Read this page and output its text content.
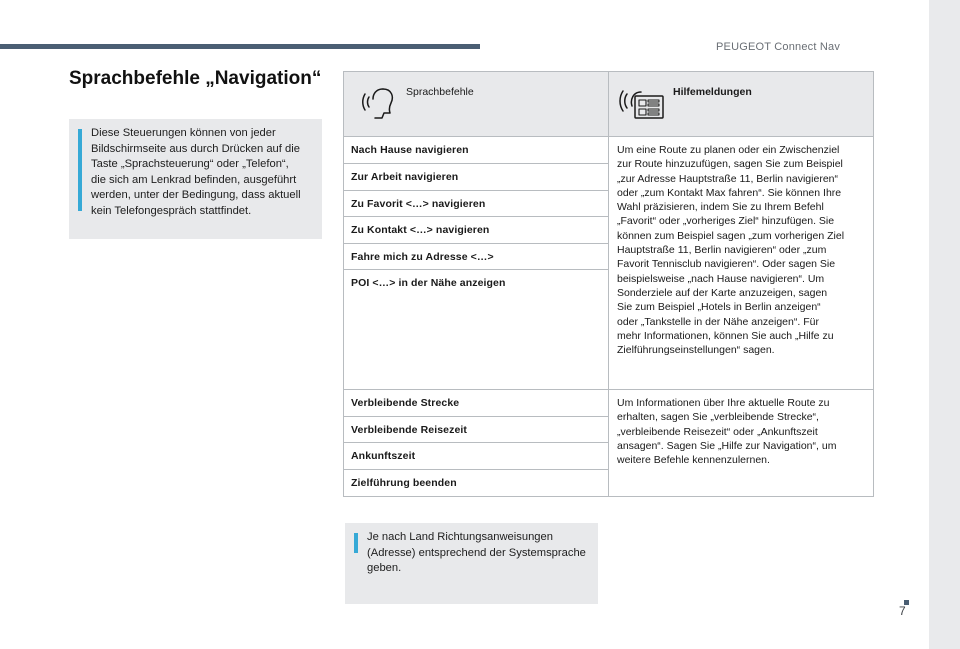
PEUGEOT Connect Nav
7
Sprachbefehle „Navigation“
Diese Steuerungen können von jeder
Bildschirmseite aus durch Drücken auf die
Taste „Sprachsteuerung“ oder „Telefon“,
die sich am Lenkrad befinden, ausgeführt
werden, unter der Bedingung, dass aktuell
kein Telefongespräch stattfindet.
Je nach Land Richtungsanweisungen
(Adresse) entsprechend der Systemsprache
geben.
Sprachbefehle	Hilfemeldungen
Nach Hause navigieren
Zur Arbeit navigieren
Zu Favorit <…> navigieren
Zu Kontakt <…> navigieren
Fahre mich zu Adresse <…>
POI <…> in der Nähe anzeigen
Um eine Route zu planen oder ein Zwischenziel
zur Route hinzuzufügen, sagen Sie zum Beispiel
„zur Adresse Hauptstraße 11, Berlin navigieren“
oder „zum Kontakt Max fahren“. Sie können Ihre
Wahl präzisieren, indem Sie zu Ihrem Befehl
„Favorit“ oder „vorheriges Ziel“ hinzufügen. Sie
können zum Beispiel sagen „zum vorherigen Ziel
Hauptstraße 11, Berlin navigieren“ oder „zum
Favorit Tennisclub navigieren“. Oder sagen Sie
beispielsweise „nach Hause navigieren“. Um
Sonderziele auf der Karte anzuzeigen, sagen
Sie zum Beispiel „Hotels in Berlin anzeigen“
oder „Tankstelle in der Nähe anzeigen“. Für
mehr Informationen, können Sie auch „Hilfe zu
Zielführungseinstellungen“ sagen.
Verbleibende Strecke
Verbleibende Reisezeit
Ankunftszeit
Zielführung beenden
Um Informationen über Ihre aktuelle Route zu
erhalten, sagen Sie „verbleibende Strecke“,
„verbleibende Reisezeit“ oder „Ankunftszeit
ansagen“. Sagen Sie „Hilfe zur Navigation“, um
weitere Befehle kennenzulernen.
